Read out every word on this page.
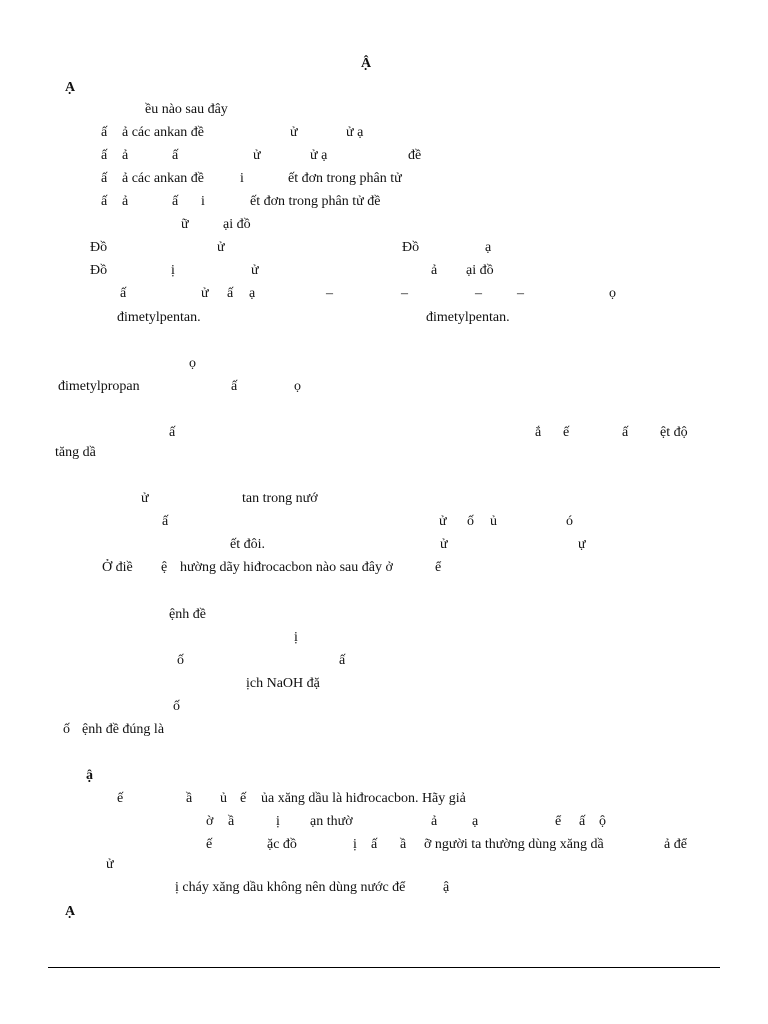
Ậ
Ạ
ều nào sau đây
ấ ả các ankan đề	ử	ử ạ
ấ ả	ấ	ử	ử ạ	đề
ấ ả các ankan đề	i	ết đơn trong phân tử
ấ ả	ấ i	ết đơn trong phân tử đề
ữ ại đồ
Đồ	ử	Đồ	ạ
Đồ	ị	ử	ả ại đồ
ấ	ử ấ ạ	–	–	–	–	ọ
đimetylpentan.	đimetylpentan.
ọ
đimetylpropan	ấ	ọ
ấ	ắ ế	ấ ệt độ
tăng dầ
ử	tan trong nướ
ấ	ử ố ủ	ó
ết đôi.	ử	ự
Ở điề ệ hường dãy hiđrocacbon nào sau đây ở	ể
ệnh đề
ị
ố	ấ
ịch NaOH đặ
ố
ố ệnh đề đúng là
ậ
ế	ầ ủ ế ủa xăng dầu là hiđrocacbon. Hãy giả
ờ ầ	ị ạn thườ	ả ạ	ể ấ ộ
ế	ặc đồ	ị ấ ầ ỡ người ta thường dùng xăng dầ	ả để
ử
ị cháy xăng dầu không nên dùng nước để	ậ
Ạ
